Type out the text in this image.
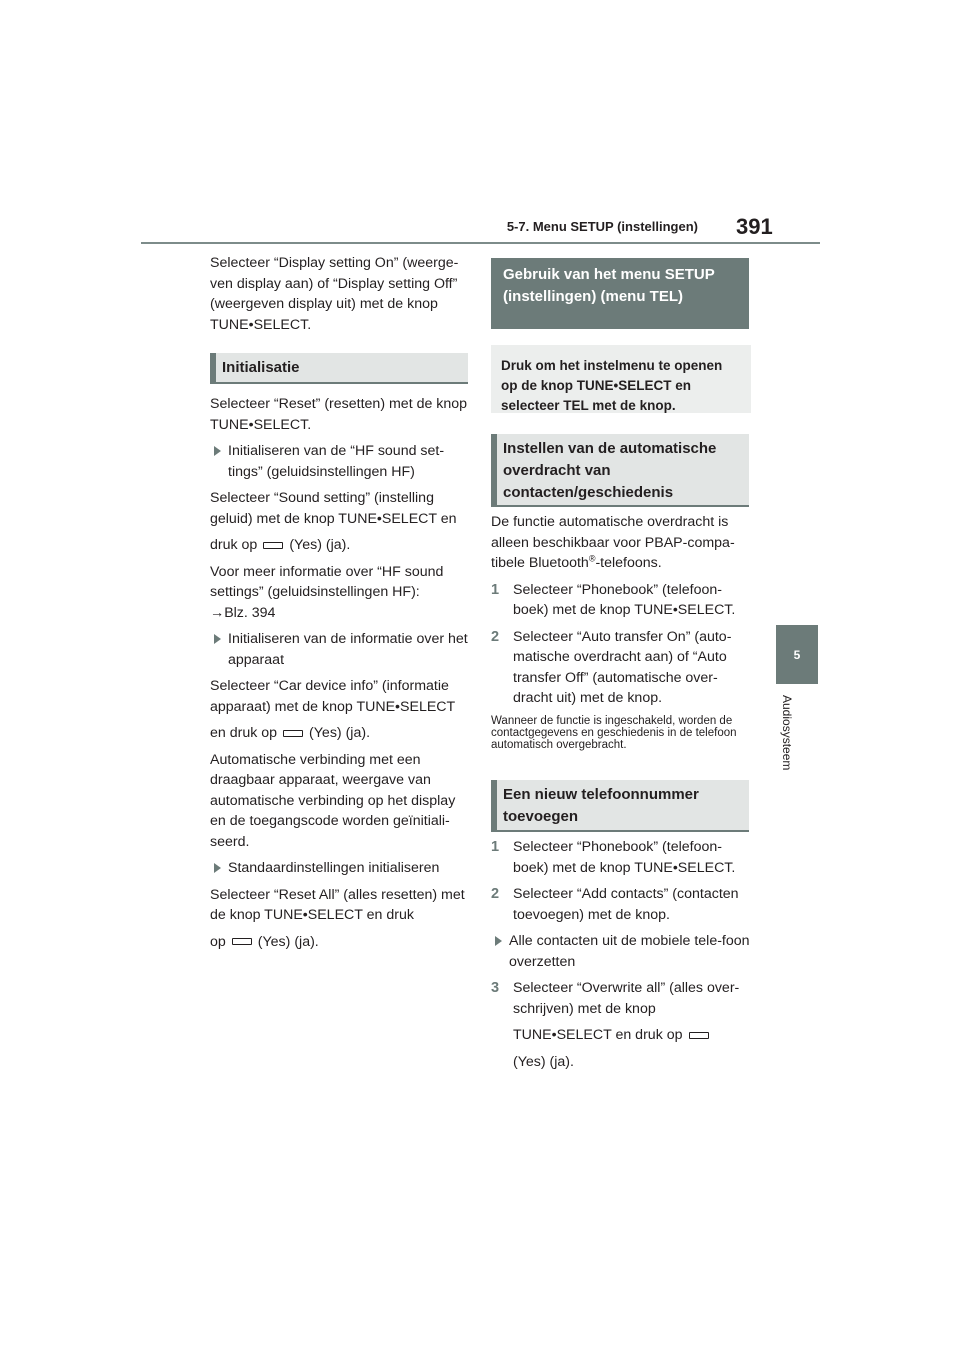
5-7. Menu SETUP (instellingen) 391
5
Audiosysteem

Selecteer “Display setting On” (weerge-ven display aan) of “Display setting Off” (weergeven display uit) met de knop TUNE•SELECT.

Initialisatie

Selecteer “Reset” (resetten) met de knop TUNE•SELECT.

Initialiseren van de “HF sound set-tings” (geluidsinstellingen HF)

Selecteer “Sound setting” (instelling geluid) met de knop TUNE•SELECT en

druk op (Yes) (ja).

Voor meer informatie over “HF sound settings” (geluidsinstellingen HF):
→Blz. 394

Initialiseren van de informatie over het apparaat

Selecteer “Car device info” (informatie apparaat) met de knop TUNE•SELECT

en druk op (Yes) (ja).

Automatische verbinding met een draagbaar apparaat, weergave van automatische verbinding op het display en de toegangscode worden geïnitiali-seerd.

Standaardinstellingen initialiseren

Selecteer “Reset All” (alles resetten) met de knop TUNE•SELECT en druk

op (Yes) (ja).

Gebruik van het menu SETUP (instellingen) (menu TEL)
Druk om het instelmenu te openen op de knop TUNE•SELECT en selecteer TEL met de knop.
Instellen van de automatische overdracht van contacten/geschiedenis

De functie automatische overdracht is alleen beschikbaar voor PBAP-compa-
tibele Bluetooth®-telefoons.

1 Selecteer “Phonebook” (telefoon-boek) met de knop TUNE•SELECT.
2 Selecteer “Auto transfer On” (auto-matische overdracht aan) of “Auto transfer Off” (automatische over-dracht uit) met de knop.

Wanneer de functie is ingeschakeld, worden de contactgegevens en geschiedenis in de telefoon automatisch overgebracht.

Een nieuw telefoonnummer toevoegen
1 Selecteer “Phonebook” (telefoon-boek) met de knop TUNE•SELECT.
2 Selecteer “Add contacts” (contacten toevoegen) met de knop.
Alle contacten uit de mobiele tele-foon overzetten
3 Selecteer “Overwrite all” (alles over-schrijven) met de knop

TUNE•SELECT en druk op

(Yes) (ja).
